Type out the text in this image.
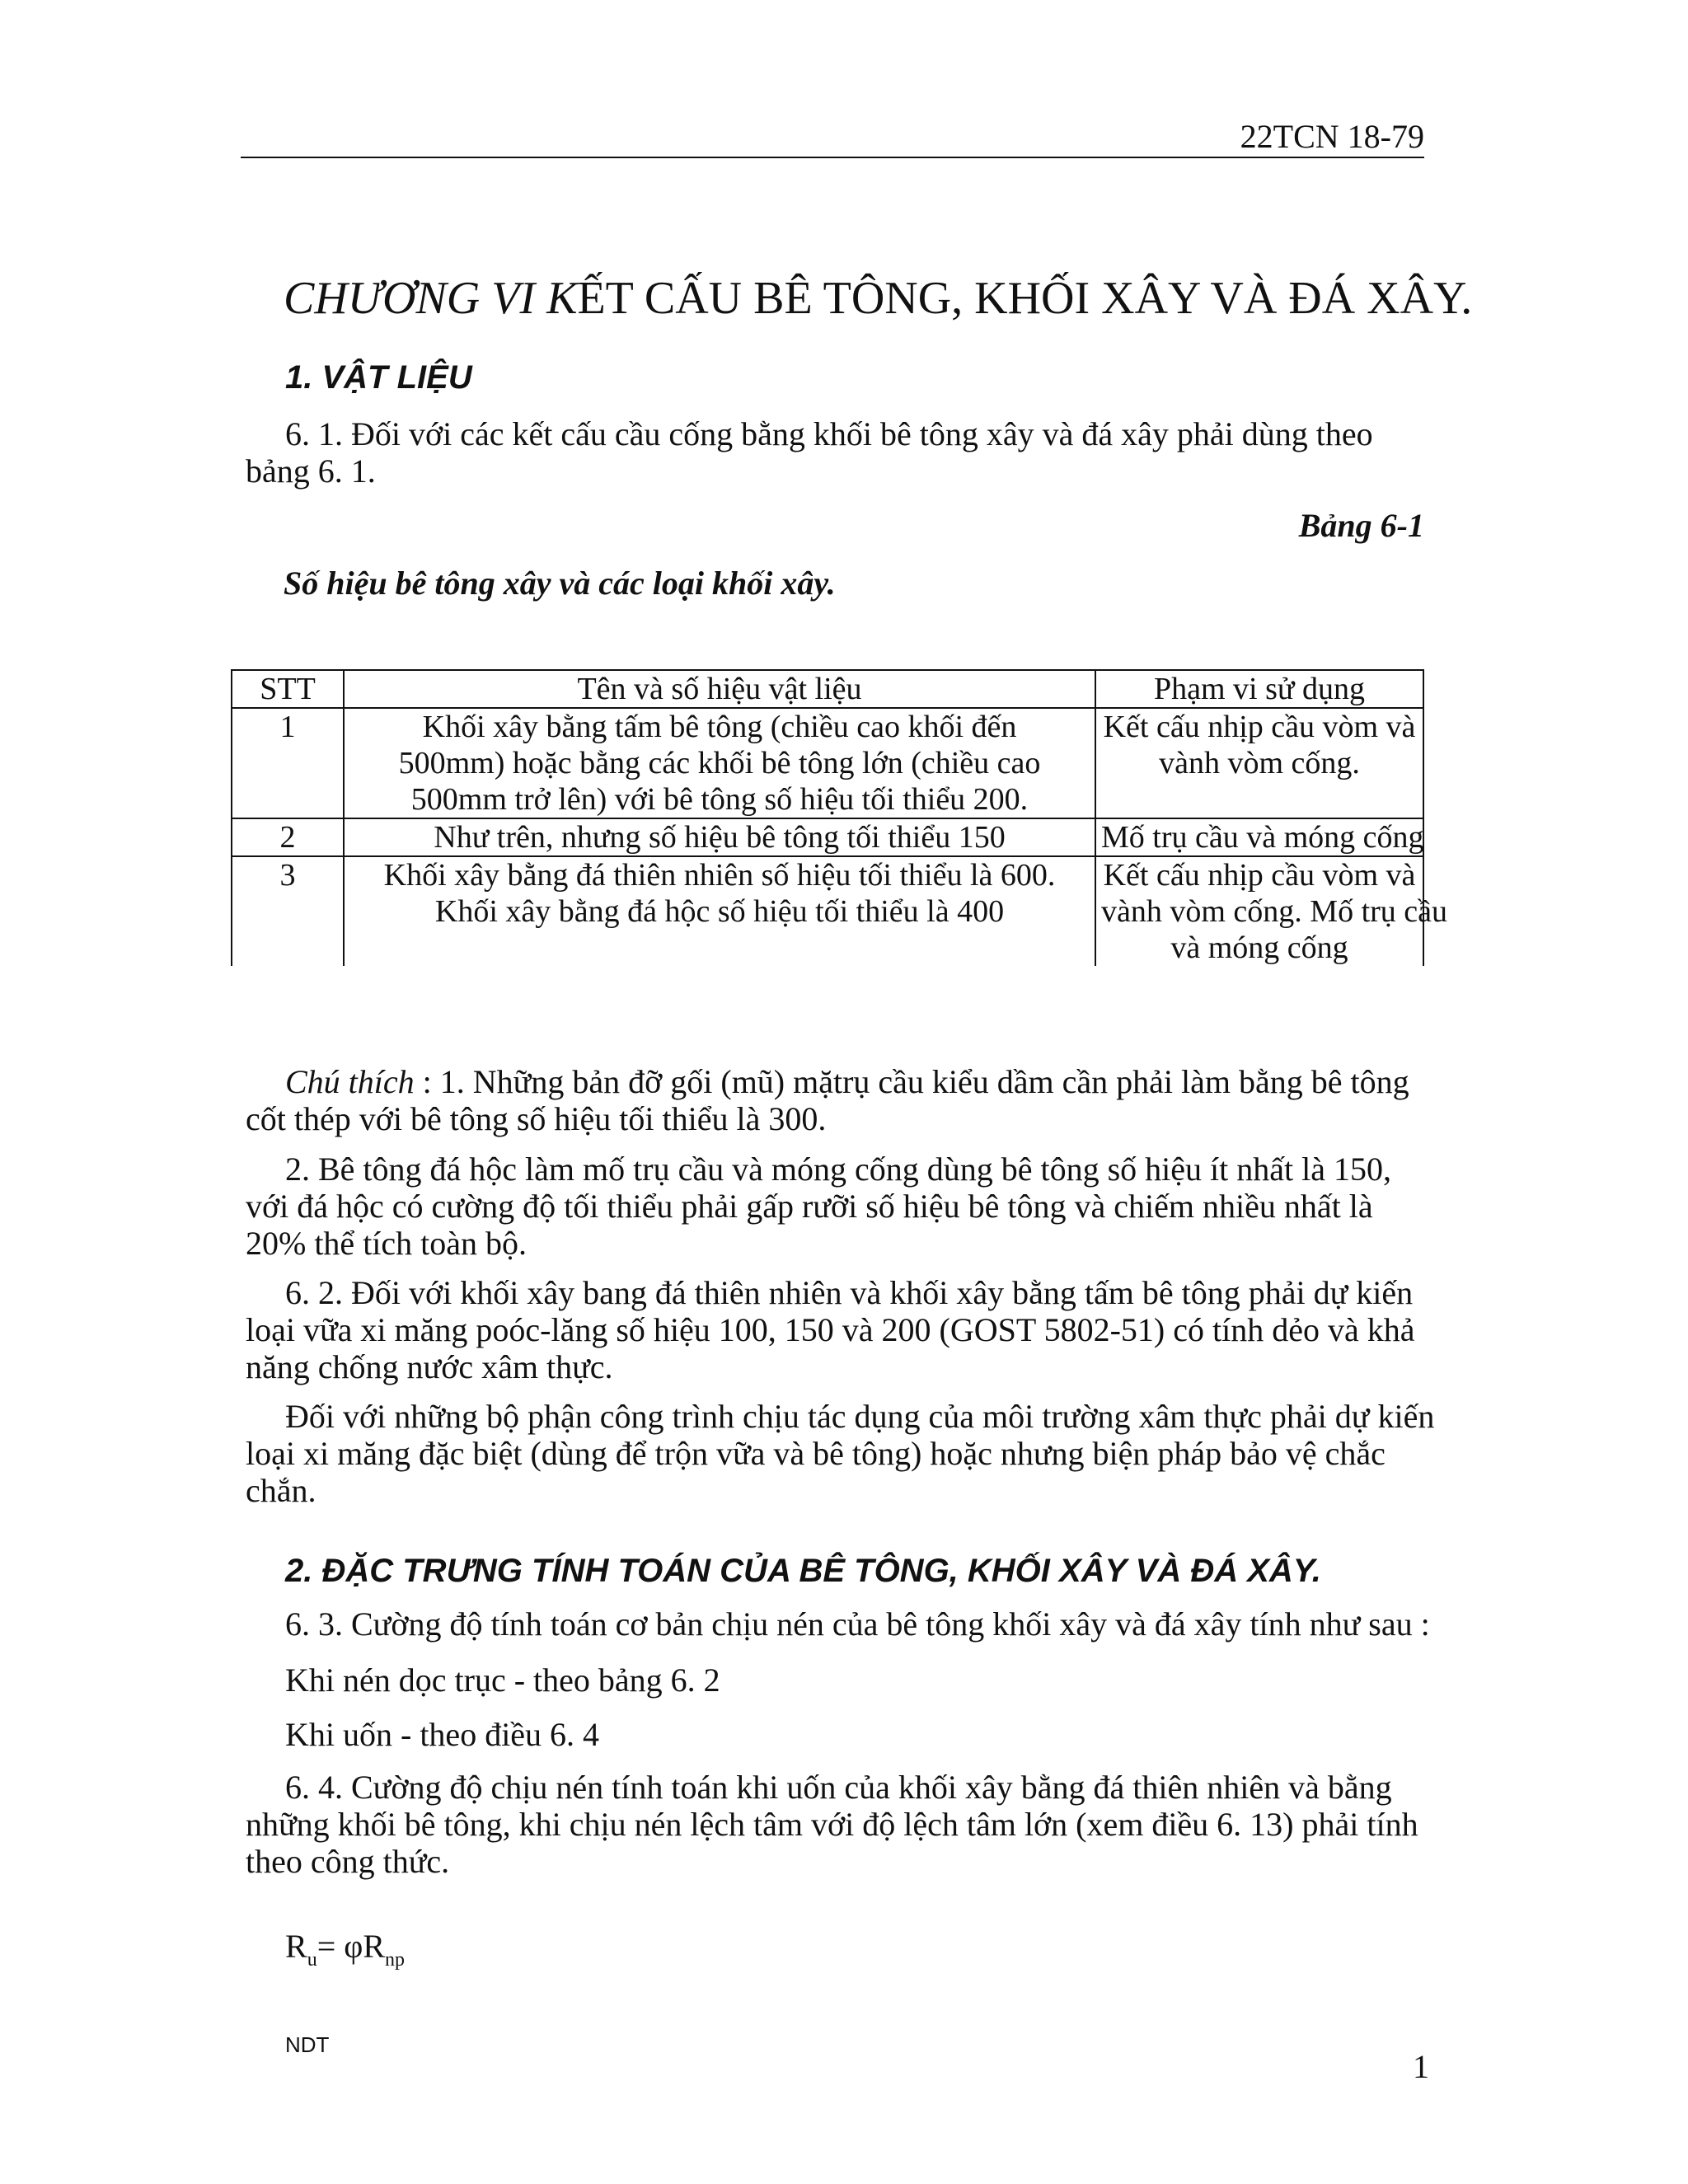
22TCN 18-79
CHƯƠNG VI KẾT CẤU BÊ TÔNG, KHỐI XÂY VÀ ĐÁ XÂY.
1. VẬT LIỆU
6. 1. Đối với các kết cấu cầu cống bằng khối bê tông xây và đá xây phải dùng theo
bảng 6. 1.
Bảng 6-1
Số hiệu bê tông xây và các loại khối xây.
STT	Tên và số hiệu vật liệu	Phạm vi sử dụng
1	Khối xây bằng tấm bê tông (chiều cao khối đến
500mm) hoặc bằng các khối bê tông lớn (chiều cao
500mm trở lên) với bê tông số hiệu tối thiểu 200.	Kết cấu nhịp cầu vòm và
vành vòm cống.

2	Như trên, nhưng số hiệu bê tông tối thiểu 150	Mố trụ cầu và móng cống

3	Khối xây bằng đá thiên nhiên số hiệu tối thiểu là 600.
Khối xây bằng đá hộc số hiệu tối thiểu là 400	Kết cấu nhịp cầu vòm và
vành vòm cống. Mố trụ cầu
và móng cống
Chú thích : 1. Những bản đỡ gối (mũ) mặtrụ cầu kiểu dầm cần phải làm bằng bê tông
cốt thép với bê tông số hiệu tối thiểu là 300.
2. Bê tông đá hộc làm mố trụ cầu và móng cống dùng bê tông số hiệu ít nhất là 150,
với đá hộc có cường độ tối thiểu phải gấp rưỡi số hiệu bê tông và chiếm nhiều nhất là
20% thể tích toàn bộ.
6. 2. Đối với khối xây bang đá thiên nhiên và khối xây bằng tấm bê tông phải dự kiến
loại vữa xi măng poóc-lăng số hiệu 100, 150 và 200 (GOST 5802-51) có tính dẻo và khả
năng chống nước xâm thực.
Đối với những bộ phận công trình chịu tác dụng của môi trường xâm thực phải dự kiến
loại xi măng đặc biệt (dùng để trộn vữa và bê tông) hoặc nhưng biện pháp bảo vệ chắc
chắn.
2. ĐẶC TRƯNG TÍNH TOÁN CỦA BÊ TÔNG, KHỐI XÂY VÀ ĐÁ XÂY.
6. 3. Cường độ tính toán cơ bản chịu nén của bê tông khối xây và đá xây tính như sau :
Khi nén dọc trục - theo bảng 6. 2
Khi uốn - theo điều 6. 4
6. 4. Cường độ chịu nén tính toán khi uốn của khối xây bằng đá thiên nhiên và bằng
những khối bê tông, khi chịu nén lệch tâm với độ lệch tâm lớn (xem điều 6. 13) phải tính
theo công thức.
$R_u= \varphi R_{np}$
NDT
1
